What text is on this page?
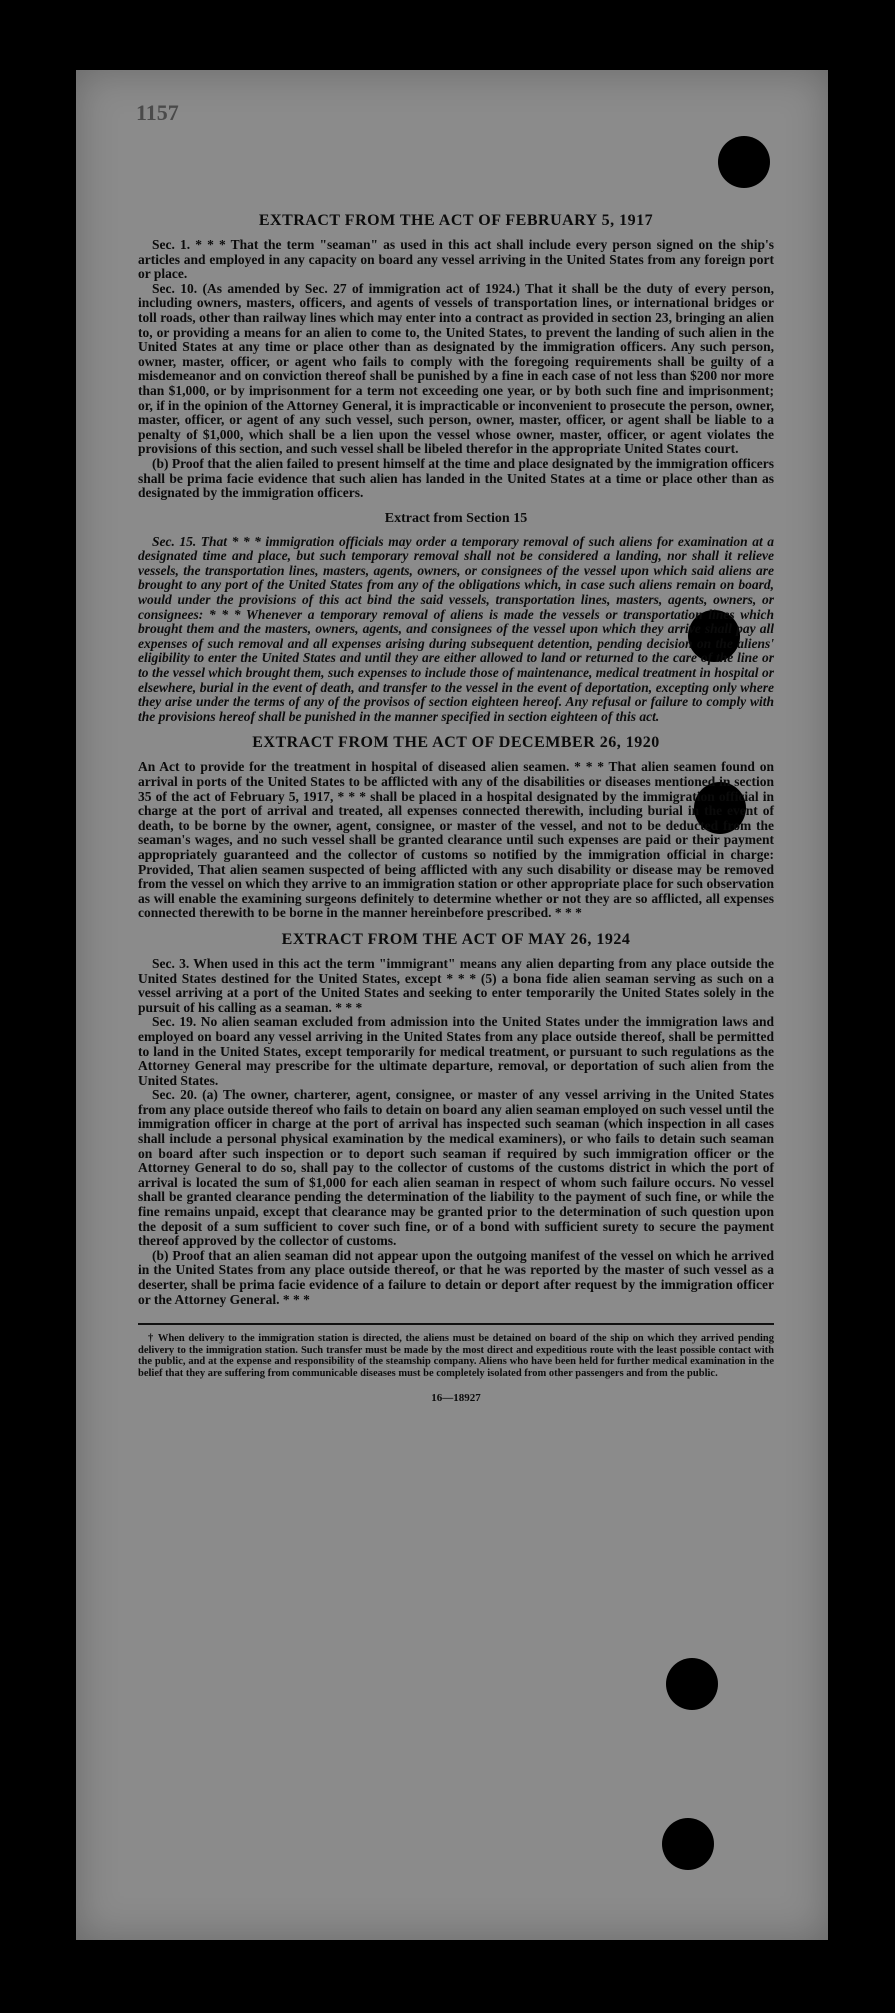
1157
EXTRACT FROM THE ACT OF FEBRUARY 5, 1917

Sec. 1. * * * That the term "seaman" as used in this act shall include every person signed on the ship's articles and employed in any capacity on board any vessel arriving in the United States from any foreign port or place.

Sec. 10. (As amended by Sec. 27 of immigration act of 1924.) That it shall be the duty of every person, including owners, masters, officers, and agents of vessels of transportation lines, or international bridges or toll roads, other than railway lines which may enter into a contract as provided in section 23, bringing an alien to, or providing a means for an alien to come to, the United States, to prevent the landing of such alien in the United States at any time or place other than as designated by the immigration officers. Any such person, owner, master, officer, or agent who fails to comply with the foregoing requirements shall be guilty of a misdemeanor and on conviction thereof shall be punished by a fine in each case of not less than $200 nor more than $1,000, or by imprisonment for a term not exceeding one year, or by both such fine and imprisonment; or, if in the opinion of the Attorney General, it is impracticable or inconvenient to prosecute the person, owner, master, officer, or agent of any such vessel, such person, owner, master, officer, or agent shall be liable to a penalty of $1,000, which shall be a lien upon the vessel whose owner, master, officer, or agent violates the provisions of this section, and such vessel shall be libeled therefor in the appropriate United States court.

(b) Proof that the alien failed to present himself at the time and place designated by the immigration officers shall be prima facie evidence that such alien has landed in the United States at a time or place other than as designated by the immigration officers.

Extract from Section 15

Sec. 15. That * * * immigration officials may order a temporary removal of such aliens for examination at a designated time and place, but such temporary removal shall not be considered a landing, nor shall it relieve vessels, the transportation lines, masters, agents, owners, or consignees of the vessel upon which said aliens are brought to any port of the United States from any of the obligations which, in case such aliens remain on board, would under the provisions of this act bind the said vessels, transportation lines, masters, agents, owners, or consignees: * * * Whenever a temporary removal of aliens is made the vessels or transportation lines which brought them and the masters, owners, agents, and consignees of the vessel upon which they arrive shall pay all expenses of such removal and all expenses arising during subsequent detention, pending decision on the aliens' eligibility to enter the United States and until they are either allowed to land or returned to the care of the line or to the vessel which brought them, such expenses to include those of maintenance, medical treatment in hospital or elsewhere, burial in the event of death, and transfer to the vessel in the event of deportation, excepting only where they arise under the terms of any of the provisos of section eighteen hereof. Any refusal or failure to comply with the provisions hereof shall be punished in the manner specified in section eighteen of this act.

EXTRACT FROM THE ACT OF DECEMBER 26, 1920

An Act to provide for the treatment in hospital of diseased alien seamen. * * * That alien seamen found on arrival in ports of the United States to be afflicted with any of the disabilities or diseases mentioned in section 35 of the act of February 5, 1917, * * * shall be placed in a hospital designated by the immigration official in charge at the port of arrival and treated, all expenses connected therewith, including burial in the event of death, to be borne by the owner, agent, consignee, or master of the vessel, and not to be deducted from the seaman's wages, and no such vessel shall be granted clearance until such expenses are paid or their payment appropriately guaranteed and the collector of customs so notified by the immigration official in charge: Provided, That alien seamen suspected of being afflicted with any such disability or disease may be removed from the vessel on which they arrive to an immigration station or other appropriate place for such observation as will enable the examining surgeons definitely to determine whether or not they are so afflicted, all expenses connected therewith to be borne in the manner hereinbefore prescribed. * * *

EXTRACT FROM THE ACT OF MAY 26, 1924

Sec. 3. When used in this act the term "immigrant" means any alien departing from any place outside the United States destined for the United States, except * * * (5) a bona fide alien seaman serving as such on a vessel arriving at a port of the United States and seeking to enter temporarily the United States solely in the pursuit of his calling as a seaman. * * *

Sec. 19. No alien seaman excluded from admission into the United States under the immigration laws and employed on board any vessel arriving in the United States from any place outside thereof, shall be permitted to land in the United States, except temporarily for medical treatment, or pursuant to such regulations as the Attorney General may prescribe for the ultimate departure, removal, or deportation of such alien from the United States.

Sec. 20. (a) The owner, charterer, agent, consignee, or master of any vessel arriving in the United States from any place outside thereof who fails to detain on board any alien seaman employed on such vessel until the immigration officer in charge at the port of arrival has inspected such seaman (which inspection in all cases shall include a personal physical examination by the medical examiners), or who fails to detain such seaman on board after such inspection or to deport such seaman if required by such immigration officer or the Attorney General to do so, shall pay to the collector of customs of the customs district in which the port of arrival is located the sum of $1,000 for each alien seaman in respect of whom such failure occurs. No vessel shall be granted clearance pending the determination of the liability to the payment of such fine, or while the fine remains unpaid, except that clearance may be granted prior to the determination of such question upon the deposit of a sum sufficient to cover such fine, or of a bond with sufficient surety to secure the payment thereof approved by the collector of customs.

(b) Proof that an alien seaman did not appear upon the outgoing manifest of the vessel on which he arrived in the United States from any place outside thereof, or that he was reported by the master of such vessel as a deserter, shall be prima facie evidence of a failure to detain or deport after request by the immigration officer or the Attorney General. * * *

† When delivery to the immigration station is directed, the aliens must be detained on board of the ship on which they arrived pending delivery to the immigration station. Such transfer must be made by the most direct and expeditious route with the least possible contact with the public, and at the expense and responsibility of the steamship company. Aliens who have been held for further medical examination in the belief that they are suffering from communicable diseases must be completely isolated from other passengers and from the public.

16—18927
